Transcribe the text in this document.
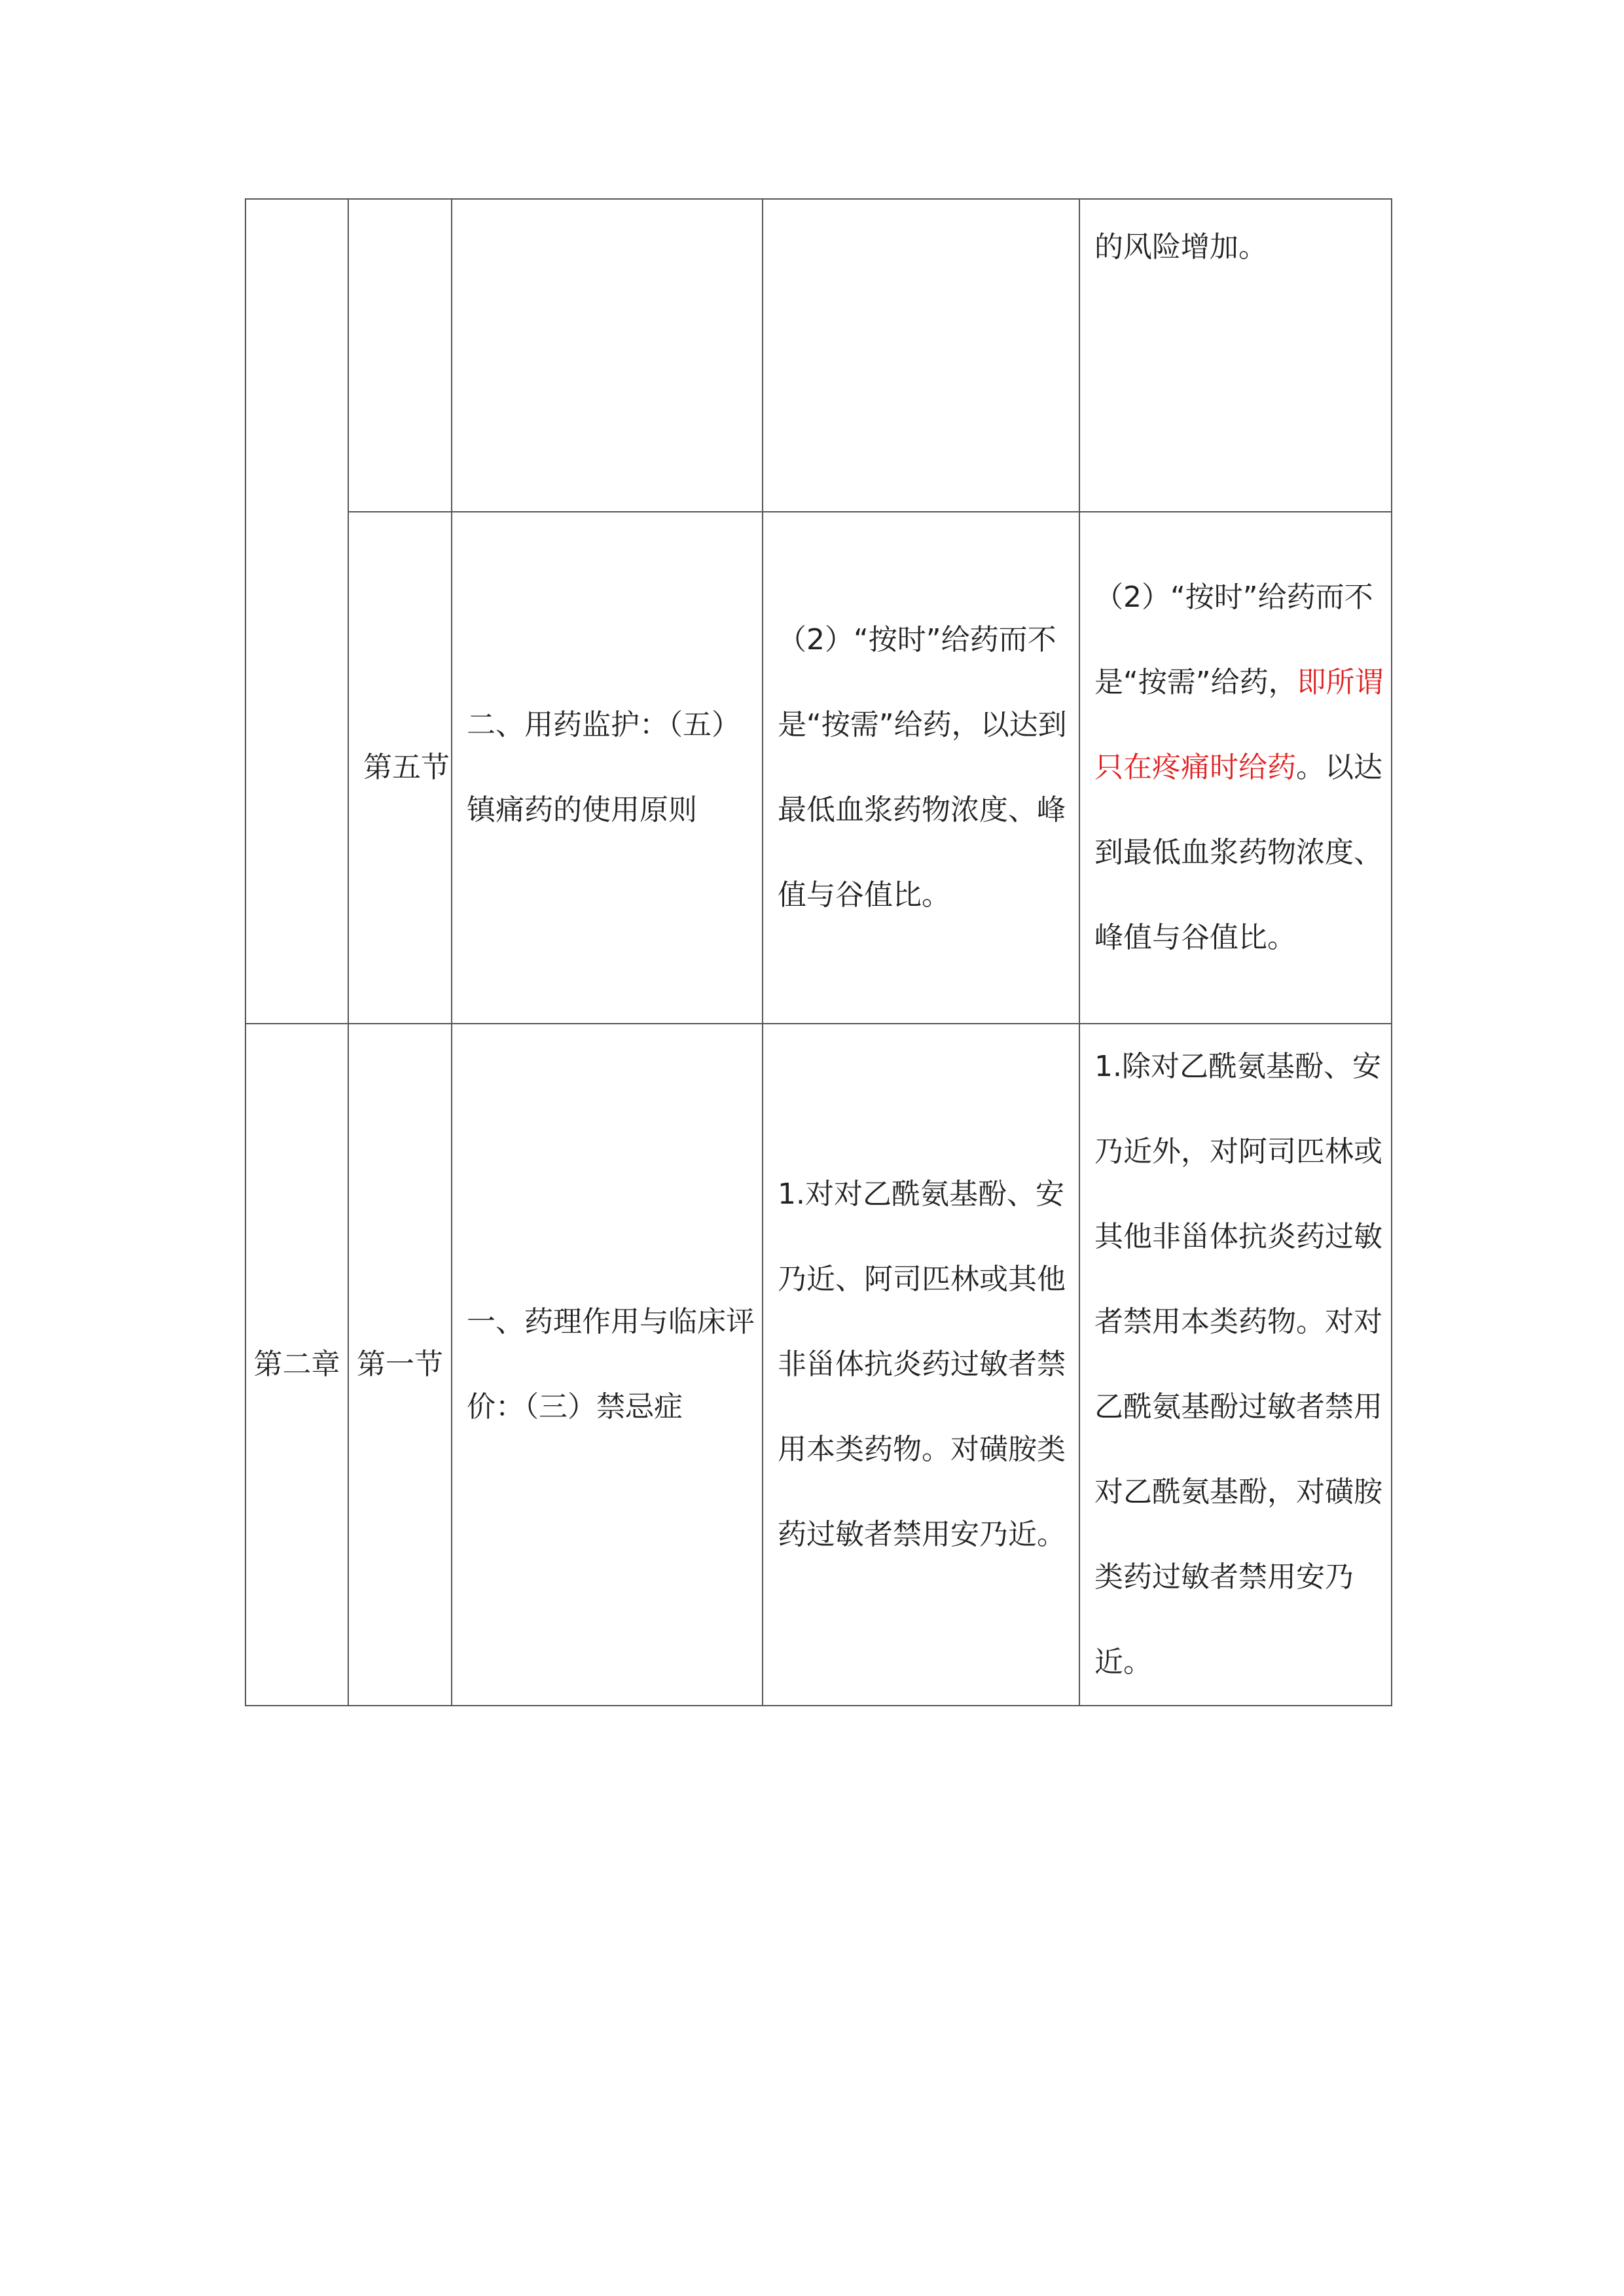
				的风险增加。
	第五节	二、用药监护：（五）镇痛药的使用原则	（2）“按时”给药而不是“按需”给药，以达到最低血浆药物浓度、峰值与谷值比。	（2）“按时”给药而不是“按需”给药，即所谓只在疼痛时给药。以达到最低血浆药物浓度、峰值与谷值比。
第二章	第一节	一、药理作用与临床评价：（三）禁忌症	1.对对乙酰氨基酚、安乃近、阿司匹林或其他非甾体抗炎药过敏者禁用本类药物。对磺胺类药过敏者禁用安乃近。	1.除对乙酰氨基酚、安乃近外，对阿司匹林或其他非甾体抗炎药过敏者禁用本类药物。对对乙酰氨基酚过敏者禁用对乙酰氨基酚，对磺胺类药过敏者禁用安乃近。
